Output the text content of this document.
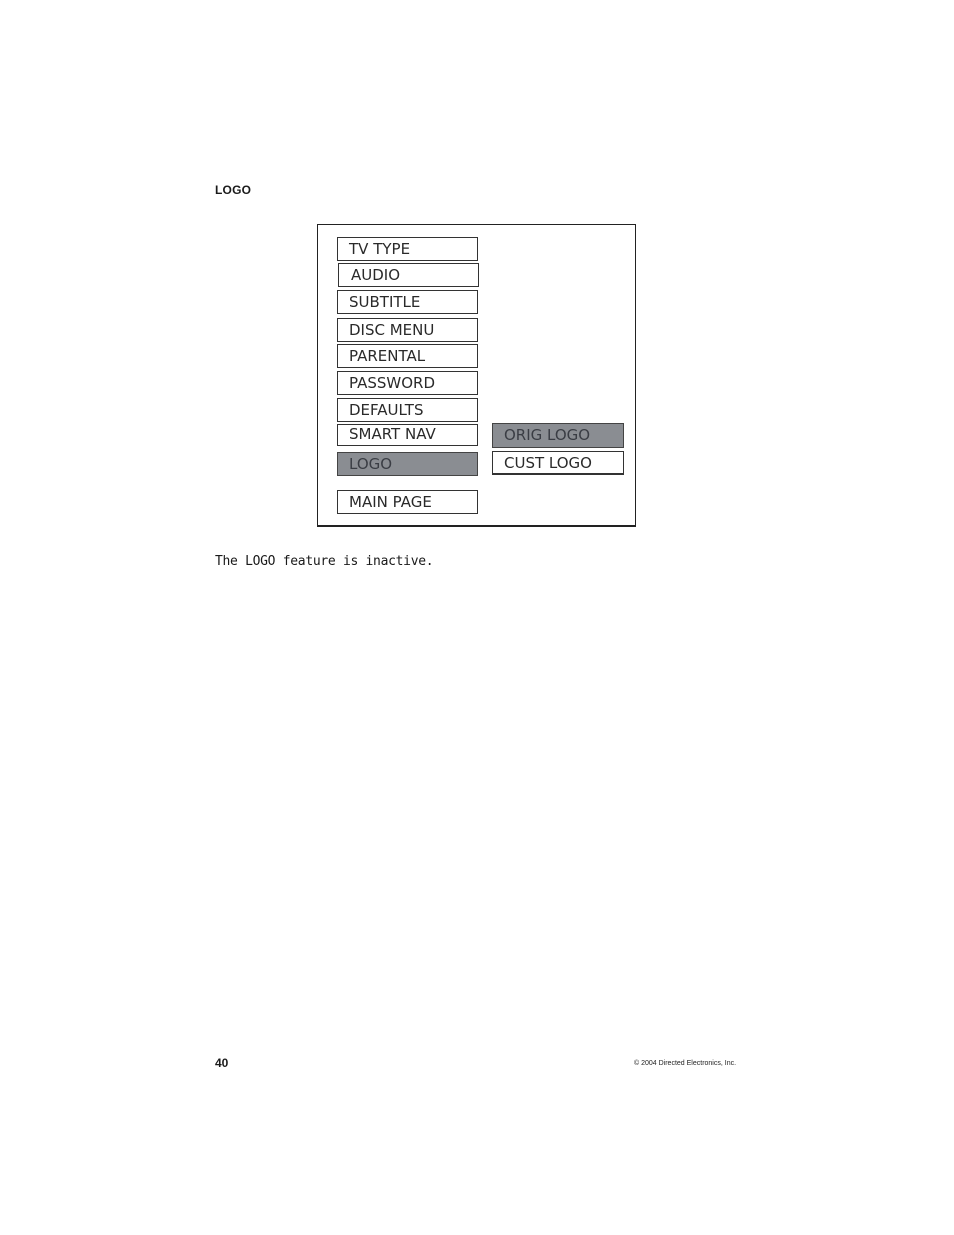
LOGO
TV TYPE
AUDIO
SUBTITLE
DISC MENU
PARENTAL
PASSWORD
DEFAULTS
SMART NAV
LOGO
MAIN PAGE
ORIG LOGO
CUST LOGO
The LOGO feature is inactive.
40	© 2004 Directed Electronics, Inc.
